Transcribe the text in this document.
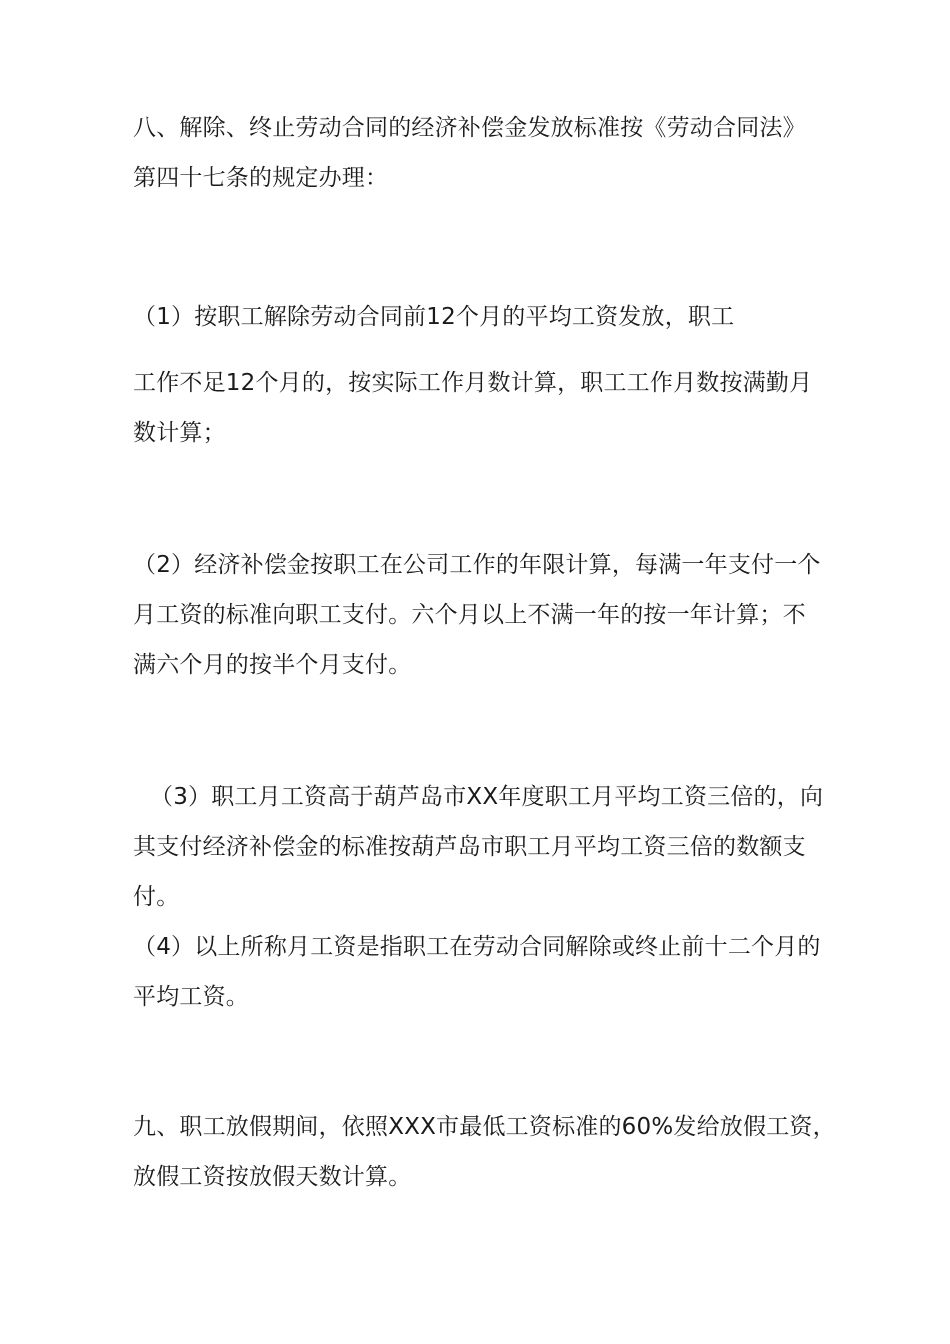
八、解除、终止劳动合同的经济补偿金发放标准按《劳动合同法》
第四十七条的规定办理：
（1）按职工解除劳动合同前12个月的平均工资发放，职工
工作不足12个月的，按实际工作月数计算，职工工作月数按满勤月
数计算；
（2）经济补偿金按职工在公司工作的年限计算，每满一年支付一个
月工资的标准向职工支付。六个月以上不满一年的按一年计算；不
满六个月的按半个月支付。
（3）职工月工资高于葫芦岛市XX年度职工月平均工资三倍的，向
其支付经济补偿金的标准按葫芦岛市职工月平均工资三倍的数额支
付。
（4）以上所称月工资是指职工在劳动合同解除或终止前十二个月的
平均工资。
九、职工放假期间，依照XXX市最低工资标准的60%发给放假工资，
放假工资按放假天数计算。
